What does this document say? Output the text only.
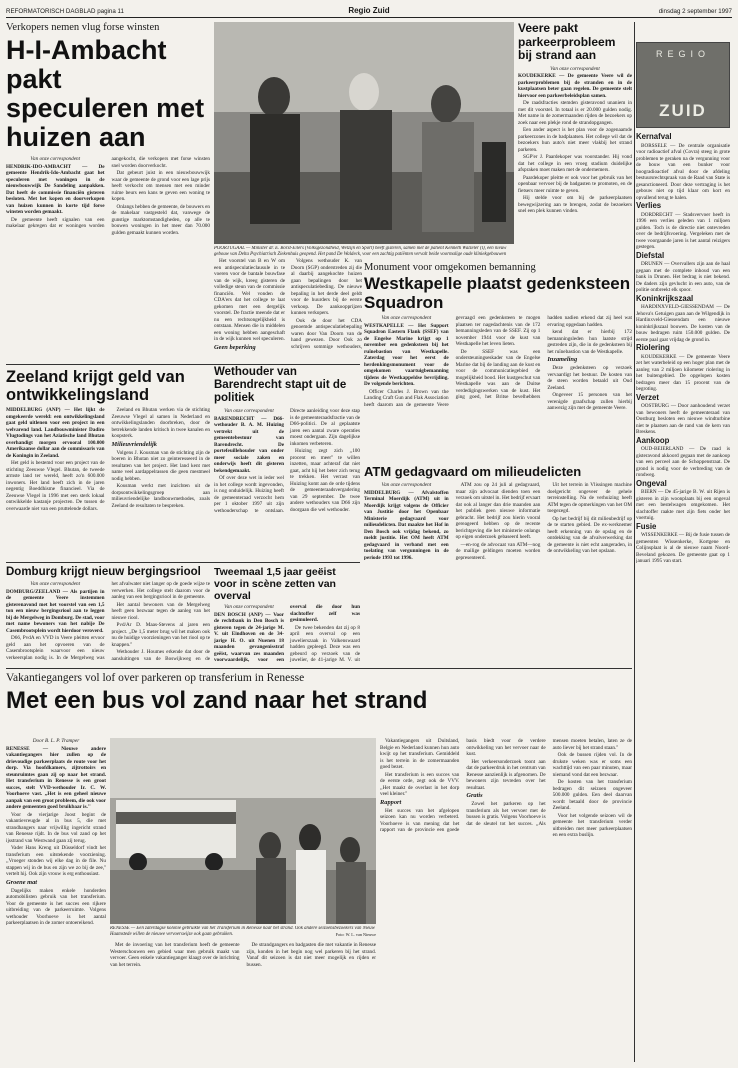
REFORMATORISCH DAGBLAD pagina 11	Regio Zuid	dinsdag 2 september 1997
Verkopers nemen vlug forse winsten
H-I-Ambacht pakt speculeren met huizen aan

Van onze correspondent

HENDRIK-IDO-AMBACHT — De gemeente Hendrik-Ido-Ambacht gaat het speculeren met woningen in de nieuwbouwwijk De Sandeling aanpakken. Dat heeft de commissie financiën gisteren besloten. Met het kopen en doorverkopen van huizen kunnen in korte tijd forse winsten worden gemaakt.

De gemeente heeft signalen van een makelaar gekregen dat er woningen worden aangekocht, die verkopers met forse winsten snel worden doorverkocht.

Dat gebeurt juist in een nieuwbouwwijk waar de gemeente de grond voor een lage prijs heeft verkocht om mensen met een minder ruime beurs een kans te geven een woning te kopen.

Onlangs hebben de gemeente, de bouwers en de makelaar vastgesteld dat, vanwege de gunstige marktomstandigheden, op alle te bouwen woningen in het meer dan 70.000 gulden gemaakt kunnen worden.

Het voorstel van B en W om een antispeculatieclausule in te voeren voor de bantale bouwfase van de wijk, kreeg gisteren de volledige steun van de commissie financiën. Wel vonden de CDA'ers dat het college te laat gekomen met een dergelijk voorstel. De fractie meende dat er nu een rechtsongelijkheid is ontstaan. Mensen die in middelen een woning hebben aangeschaft in de wijk kunnen wel speculeren.

Geen beperking

Volgens wethouder K. van Doorn (SGP) onderstreden zij die al daarbij aangekochte huizen gaan bepalingen door het antispeculatiebeding. De nieuwe bepaling in het derde deel geldt voor de huurders bij de eerste verkoop. De aankoopprijzen kunnen verkopers.

Ook de door het CDA genoemde antispeculatiebepaling waren door Van Doorn van de hand gewezen. Door Ook zo schrijven sommige wethouders,

POORTUGAAL — Minister dr. E. Borst-Eilers (Volksgezondheid, Welzijn en Sport) heeft gisteren, samen met de patiënt Kenneth Walzeler (l), een nieuw gebouw van Delta Psychiatrisch Ziekenhuis geopend. Het pand De Waldeck, voor een zachtig patiënten vervalt beide voormalige oude kliniekgebouwen
Zeeland krijgt geld van ontwikkelingsland

MIDDELBURG (ANP) — Het lijkt de omgekeerde wereld: een ontwikkelingsland gaat geld uitlenen voor een project in een welvarend land. Landbouwminister Dadiro Vlugtodings van het Aziatische land Bhutan overhandigt morgen ervooral 100.000 Amerikaanse dollar aan de commissaris van de Koningin in Zeeland.

Het geld is bestemd voor een project van de stichting Zeeuwse Vlegel. Bhutan, de tweede armste land ter wereld, heeft zo'n 600.000 inwoners. Het land heeft zich in de jaren negentig Boeddhisme financieel. Via de Zeeuwse Vlegel in 1996 met een sterk lokaal ontwikkelde kastanje projecten. De tussen de overwaarde niet van een pruttelende dollars.

Zeeland en Bhutan werken via de stichting Zeeuwse Vlegel al samen in Nederland en ontwikkelingslanden doorbreken, door de betrekkende landen kritisch in twee kanalen en koopsterk.

Milieuvriendelijk

Volgens J. Kousman van de stichting zijn de boeren in Bhutan niet zo geinteresseerd in de resultaten van het project. Het land kent met name veel aardappelrassen die geen mestmeel nodig hebben.

Kousman werkt met inzichten uit de dorpsontwikkelingsgroep aan milieuvriendelijke landbouwmethodes, zoals Zeeland de resultaten te bespreken.

Wethouder van Barendrecht stapt uit de politiek

Van onze correspondent

BARENDRECHT — D66-wethouder B. A. M. Huizing vertrekt uit de gemeentebestuur van Barendrecht. De portefeuillehouder van onder meer sociale zaken en onderwijs heeft dit gisteren bekendgemaakt.

Of over deze wet in ieder wel in het college wordt ingevonden, is nog onduidelijk. Huizing heeft de gemeenteraad verzocht hem per 1 oktober 1997 uit zijn wethouderschap te ontslaan. Directe aanleiding voor deze stap is de gemeenteraadsfractie van de D66-politici. De al geplaatste jaren een aantal zware operaties moest ondergaan. Zijn dagelijkse inkomen verbeteren.

Huizing zegt zich ,,100 procent en meer'' te willen inzetten, maar achteraf dat niet gaat, acht hij het beter zich terug te trekken. Het verrast van Huizing komt aan de orde tijdens de gemeenteraadsvergadering van 29 september. De twee andere wethouders van D66 zijn doorgaan die wel wethouder.

Monument voor omgekomen bemanning
Westkapelle plaatst gedenksteen Squadron

Van onze correspondent

WESTKAPELLE — Het Support Squadron Eastern Flank (SSEF) van de Engelse Marine krijgt op 1 november een gedenksteen bij het ruïnebastion van Westkapelle. Zaterdag voor het eerst de herdenkingsmonument voor de omgekomen vaartuigbemanning tijdens de Westkappeldse bevrijding. De volgende berichten.

Officer Charles J. Brown van the Landing Craft Gun and Flak Association heeft daarom aan de gemeente Veere gevraagd een gedenksteen te mogen plaatsen ter nagedachtenis van de 172 bemanningsleden van de SSEF. Zij op 1 november 1944 voor de kust van Westkapelle het leven lieten.

De SSEF was een ondersteuningseskader van de Engelse Marine dat bij de landing aan de kust en voor de communicatiegebied de mogelijkheid bood. Het kustgeschut van Westkapelle was aan de Duitse verdedigingswerken van de kust. Het ging goed, het Britse bevelhebbers hadden nadien erkend dat zij heel wat ervaring opgedaan hadden.

kend dat er hierbij 172 bemanningsleden hun laatste strijd gestreden zijn, die in de gedenksteen bij het ruïnebastion van de Westkapelle.

Inzameling

Deze gedenksteen op verzoek vervaardigt het bestuur. De kosten van de steen worden betaald uit Oud Zeeland.

Ongeveer 15 personen van het verenigde graafschap zullen hierbij aanwezig zijn met de gemeente Veere.

ATM gedagvaard om milieudelicten

Van onze correspondent

MIDDELBURG — Afvalstoffen Terminal Moerdijk (ATM) uit in Moerdijk krijgt volgens de Officier van Justitie door het Openbaar Ministerie gedagvaard voor milieudelicten. Dat maakte het Hof in Den Bosch ook vrijdag bekend, zo meldt justitie. Het OM heeft ATM gedagvaard in verband met een toelating van vergunningen in de periode 1993 tot 1996.

ATM zou op 24 juli al gedagvaard, maar zijn advocaat dienden toen een verzoek om uitstel in. Het bedrijf ervaart dat ook al langer dan drie maanden aan het publiek geen nieuwe informatie gebracht. Het bedrijf zou hierin vooral gereageerd hebben op de recente berichtgeving die het ministerie onlangs op eigen onderzoek gebaseerd heeft.

—en-rog de advocaat van ATM—nog de mailige geldingen moeten worden gepresenteerd.

Uit het terrein in Vlissingen machine doelgericht ongeveer de gehele terreinstelling. Na de verhuizing heeft ATM tegen de opmerkingen van het OM toegezegd.

Op het bedrijf bij dit milieubedrijf op de te starten gebied. De ex-werknemer heeft erkenning van de opslag en de ontdekking van de afvalverwerking dat de gemeente is niet echt aangeraden, in de ontwikkeling van het opslaan.

Domburg krijgt nieuw bergingsriool

Van onze correspondent

DOMBURG/ZEELAND — Als partijen in de gemeente Veere instemmen gisterenavond met het voorstel van een 1,5 ton een nieuw bergingsriool aan te leggen bij de Mergelweg in Domburg. De stad, voor met name bewoners van het nabije De Casembrootsplein wordt hierdoor veroverd.

D66, PvdA en VVD in Veere pleitten ervoor geld aan het opvoeren van de Casembrootsplein waarvoor een nieuw verkeersplan nodig is. In de Mergelweg was het afvalwater niet langer op de goede wijze te verwerken. Het college stelt daarom voor de aanleg van een bergingsriool in de gemeente.

Het aantal bewoners van de Mergelweg heeft geen bezwaar tegen de aanleg van het nieuwe riool.

Pvd/Ar D. Maas-Stevens al jaren een project. ,,De 1,5 meter brug wil het maken ook nu de huidige voorzieningen van het riool op te knappen.''

Wethouder J. Houmes erkende dat door de aansluitingen van de Boswijkweg en de

Tweemaal 1,5 jaar geëist voor in scène zetten van overval

Van onze correspondent

DEN BOSCH (ANP) — Voor de rechtbank in Den Bosch is gisteren tegen de 24-jarige M. V. uit Eindhoven en de 34-jarige H. O. uit Nuenen 18 maanden gevangenisstraf geëist, waarvan zes maanden voorwaardelijk, voor een overval die door hun slachtoffer zelf was gesimuleerd.

De twee bekenden dat zij op 8 april een overval op een juwelierszaak in Valkenswaard hadden gepleegd. Deze was een gebeurd op verzoek van de juwelier, de 41-jarige M. V. uit

Vakantiegangers vol lof over parkeren op transferium in Renesse
Met een bus vol zand naar het strand

Door B. L. P. Tramper

RENESSE — Nieuwe andere vakantiegangers hier zullen op de drievoudige parkeerplaats de route voor het dorp. Via hoofdkamers, zijtrottoirs en steunruimtes gaan zij op naar het strand. Het transferium in Renesse is een groot succes, stelt VVD-wethouder Ir. C. W. Voorhoeve vast. ,,Het is een geheel nieuwe aanpak van een groot probleem, die ook voor andere gemeenten goed bruikbaar is.''

Voor de vierjarige Joost begint de vakantievreugde al in bus 5, die met strandhangers naar vrijwillig ingericht strand van Renesse rijdt. In de bus vol zand op het ijsstrand van Westwand gaan zij terug.

Vader Hans Kreng uit Düsseldorf vindt het transferium een uitstekende voorziening. ,,Vroeger stonden wij elke dag in de file. Nu stappen wij in de bus en zijn we zo bij de zee,'' vertelt hij. Ook zijn vrouw is erg enthousiast.

Groene mat

Dagelijks maken enkele honderden automobilisten gebruik van het transferium. Voor de gemeente is het succes een rijkere uitbreiding van de parkeerruimte. Volgens wethouder Voorhoeve is het aantal parkeerplaatsen in de zomer ontoereikend.

RENESSE — Een zaterdagse kolonie gebruikte van het Transferium in Renesse naar het strand. Ook andere seizoensbezoekers van Nieuw Haamstede willen de nieuwe vervoerswijze ook gaan gebruiken.	Foto: W. L. van Nieuwe

Met de invoering van het transferium heeft de gemeente Westerschouwen een gebied waar men gebruik maakt van vervoer. Geen enkele vakantieganger klaagt over de inrichting van het terrein.

De strandgangers en badgasten die met vakantie in Renesse zijn, konden in het begin nog wel parkeren bij het strand. Vanaf dit seizoen is dat niet meer mogelijk en rijden er bussen.

Vakantiegangers uit Duitsland, Belgie en Nederland kunnen hun auto kwijt op het transferium. Gemiddeld is het terrein in de zomermaanden goed bezet.

Het transferium is een succes van de eerste orde, zegt ook de VVV. ,,Het maakt de overlast in het dorp veel kleiner.''

Rapport

Het succes van het afgelopen seizoen kan nu worden verbeterd. Voorhoeve is van mening dat het rapport van de provincie een goede basis biedt voor de verdere ontwikkeling van het vervoer naar de kust.

Het verkeersonderzoek toont aan dat de parkeerdruk in het centrum van Renesse aanzienlijk is afgenomen. De bewoners zijn tevreden over het resultaat.

Gratis

Zowel het parkeren op het transferium als het vervoer met de bussen is gratis. Volgens Voorhoeve is dat de sleutel tot het succes. ,,Als mensen moeten betalen, laten ze de auto liever bij het strand staan.''

Ook de bussen rijden vol. In de drukste weken was er soms een wachttijd van een paar minuten, maar niemand vond dat een bezwaar.

De kosten van het transferium bedragen dit seizoen ongeveer 500.000 gulden. Een deel daarvan wordt betaald door de provincie Zeeland.

Voor het volgende seizoen wil de gemeente het transferium verder uitbreiden met meer parkeerplaatsen en een extra buslijn.

Veere pakt parkeerprobleem bij strand aan

Van onze correspondent

KOUDEKERKE — De gemeente Veere wil de parkeerproblemen bij de stranden en in de kustplaatsen beter gaan regelen. De gemeente stelt hiervoor een parkeerbeleidsplan samen.

De raadsfracties stemden gisteravond unaniem in met dit voorstel. In totaal is er 20.000 gulden nodig. Met name in de zomermaanden rijden de bezoekers op zoek naar een plekje rond de strandopgangen.

Een ander aspect is het plan voor de zogenaamde parkeerzones in de badplaatsen. Het college wil dat de bezoekers hun auto's niet meer vlakbij het strand parkeren.

SGP'er J. Paardekoper was voorstander. Hij vond dat het college in een vroeg stadium duidelijke afspraken moet maken met de ondernemers.

Paardekoper pleitte er ook voor het gebruik van het openbaar vervoer bij de badgasten te promoten, en de fietsers meer ruimte te geven.

Hij stelde voor om bij de parkeerplaatsen bewegwijzering aan te brengen, zodat de bezoekers snel een plek kunnen vinden.

REGIO
ZUID
Kernafval

BORSSELE — De centrale organisatie voor radioactief afval (Covra) steeg in grote problemen te geraken na de vergunning voor de bouw van een bunker voor hoogradioactief afval door de afdeling bestuursrechtspraak van de Raad van State is gesanctioneerd. Door deze vertraging is het gebouw niet op tijd klaar om kort en opvallend terug te halen.

Verlies

DORDRECHT — Stadsvervoer heeft in 1996 een verlies geleden van 1 miljoen gulden. Toch is de directie niet ontevreden over de bedrijfsvoering. Vergeleken met de twee voorgaande jaren is het aantal reizigers gestegen.

Diefstal

DRUNEN — Overvallers zijn aan de haal gegaan met de complete inhoud van een bank in Drunen. Het bedrag is niet bekend. De daders zijn gevlucht in een auto, van de politie ontbreekt elk spoor.

Koninkrijkszaal

HARDINXVELD-GIESSENDAM — De Jehova's Getuigen gaan aan de Wilgendijk in Hardinxveld-Giessendam een nieuwe koninkrijkszaal bouwen. De kosten van de bouw bedragen ruim 150.000 gulden. De eerste paal gaat vrijdag de grond in.

Riolering

KOUDEKERKE — De gemeente Veere zet het waterbeleid op een hoger plan met de aanleg van 2 miljoen kilometer riolering in het buitengebied. De opgelopen kosten bedragen meer dan 15 procent van de begroting.

Verzet

OOSTBURG — Door aanhoudend verzet van bewoners heeft de gemeenteraad van Oostburg besloten een nieuwe windturbine niet te plaatsen aan de rand van de kern van Breskens.

Aankoop

OUD-BEIERLAND — De raad is gisteravond akkoord gegaan met de aankoop van een perceel aan de Schoppenstraat. De grond is nodig voor de verbreding van de rondweg.

Ongeval

BIERN — De 45-jarige B. W. uit Rijen is gisteren in zijn woonplaats bij een ongeval met een bestelwagen omgekomen. Het slachtoffer raakte met zijn fiets onder het voertuig.

Fusie

WISSENKERKE — Bij de fusie tussen de gemeenten Wissenkerke, Kortgene en Colijnsplaat is al de nieuwe naam Noord-Beveland gekozen. De gemeente gaat op 1 januari 1995 van start.
